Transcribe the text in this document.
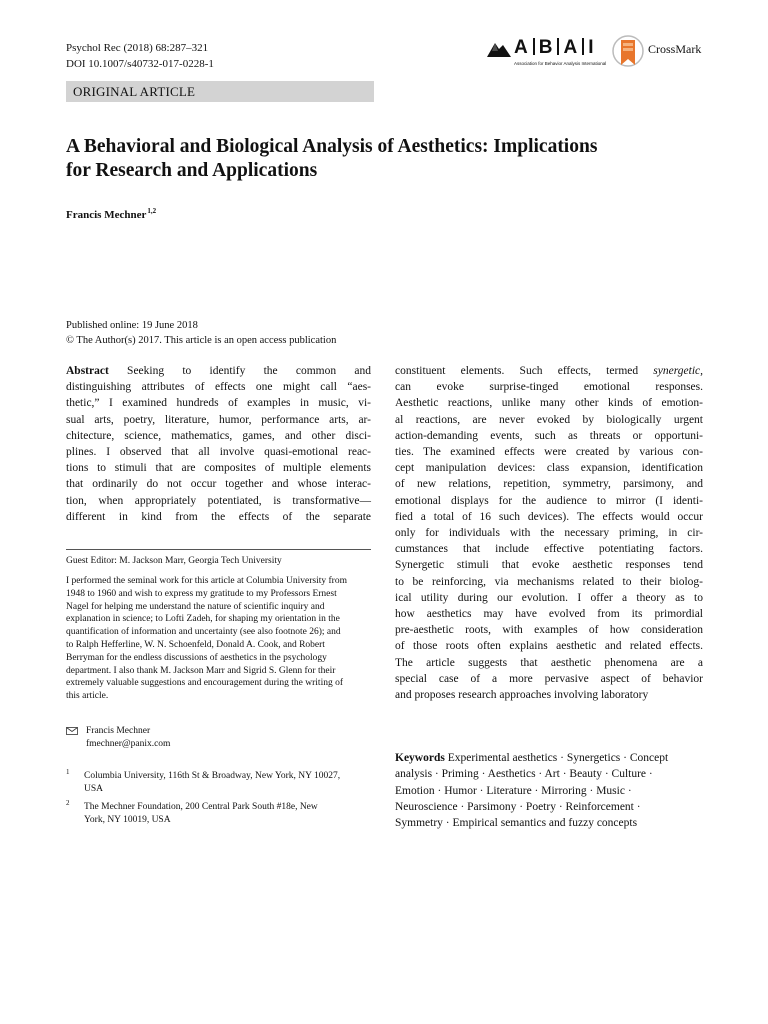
Psychol Rec (2018) 68:287–321
DOI 10.1007/s40732-017-0228-1
A B A I
Association for Behavior Analysis International
CrossMark
ORIGINAL ARTICLE
A Behavioral and Biological Analysis of Aesthetics: Implications
for Research and Applications
Francis Mechner$^{1,2}$
Published online: 19 June 2018
© The Author(s) 2017. This article is an open access publication
Abstract Seeking to identify the common and
distinguishing attributes of effects one might call “aes-
thetic,” I examined hundreds of examples in music, vi-
sual arts, poetry, literature, humor, performance arts, ar-
chitecture, science, mathematics, games, and other disci-
plines. I observed that all involve quasi-emotional reac-
tions to stimuli that are composites of multiple elements
that ordinarily do not occur together and whose interac-
tion, when appropriately potentiated, is transformative—
different in kind from the effects of the separate
constituent elements. Such effects, termed synergetic,
can evoke surprise-tinged emotional responses.
Aesthetic reactions, unlike many other kinds of emotion-
al reactions, are never evoked by biologically urgent
action-demanding events, such as threats or opportuni-
ties. The examined effects were created by various con-
cept manipulation devices: class expansion, identification
of new relations, repetition, symmetry, parsimony, and
emotional displays for the audience to mirror (I identi-
fied a total of 16 such devices). The effects would occur
only for individuals with the necessary priming, in cir-
cumstances that include effective potentiating factors.
Synergetic stimuli that evoke aesthetic responses tend
to be reinforcing, via mechanisms related to their biolog-
ical utility during our evolution. I offer a theory as to
how aesthetics may have evolved from its primordial
pre-aesthetic roots, with examples of how consideration
of those roots often explains aesthetic and related effects.
The article suggests that aesthetic phenomena are a
special case of a more pervasive aspect of behavior
and proposes research approaches involving laboratory
Guest Editor: M. Jackson Marr, Georgia Tech University
I performed the seminal work for this article at Columbia University from
1948 to 1960 and wish to express my gratitude to my Professors Ernest
Nagel for helping me understand the nature of scientific inquiry and
explanation in science; to Lofti Zadeh, for shaping my orientation in the
quantification of information and uncertainty (see also footnote 26); and
to Ralph Hefferline, W. N. Schoenfeld, Donald A. Cook, and Robert
Berryman for the endless discussions of aesthetics in the psychology
department. I also thank M. Jackson Marr and Sigrid S. Glenn for their
extremely valuable suggestions and encouragement during the writing of
this article.
Francis Mechner
fmechner@panix.com
1 Columbia University, 116th St & Broadway, New York, NY 10027,
USA
2 The Mechner Foundation, 200 Central Park South #18e, New
York, NY 10019, USA
Keywords Experimental aesthetics · Synergetics · Concept
analysis · Priming · Aesthetics · Art · Beauty · Culture ·
Emotion · Humor · Literature · Mirroring · Music ·
Neuroscience · Parsimony · Poetry · Reinforcement ·
Symmetry · Empirical semantics and fuzzy concepts
